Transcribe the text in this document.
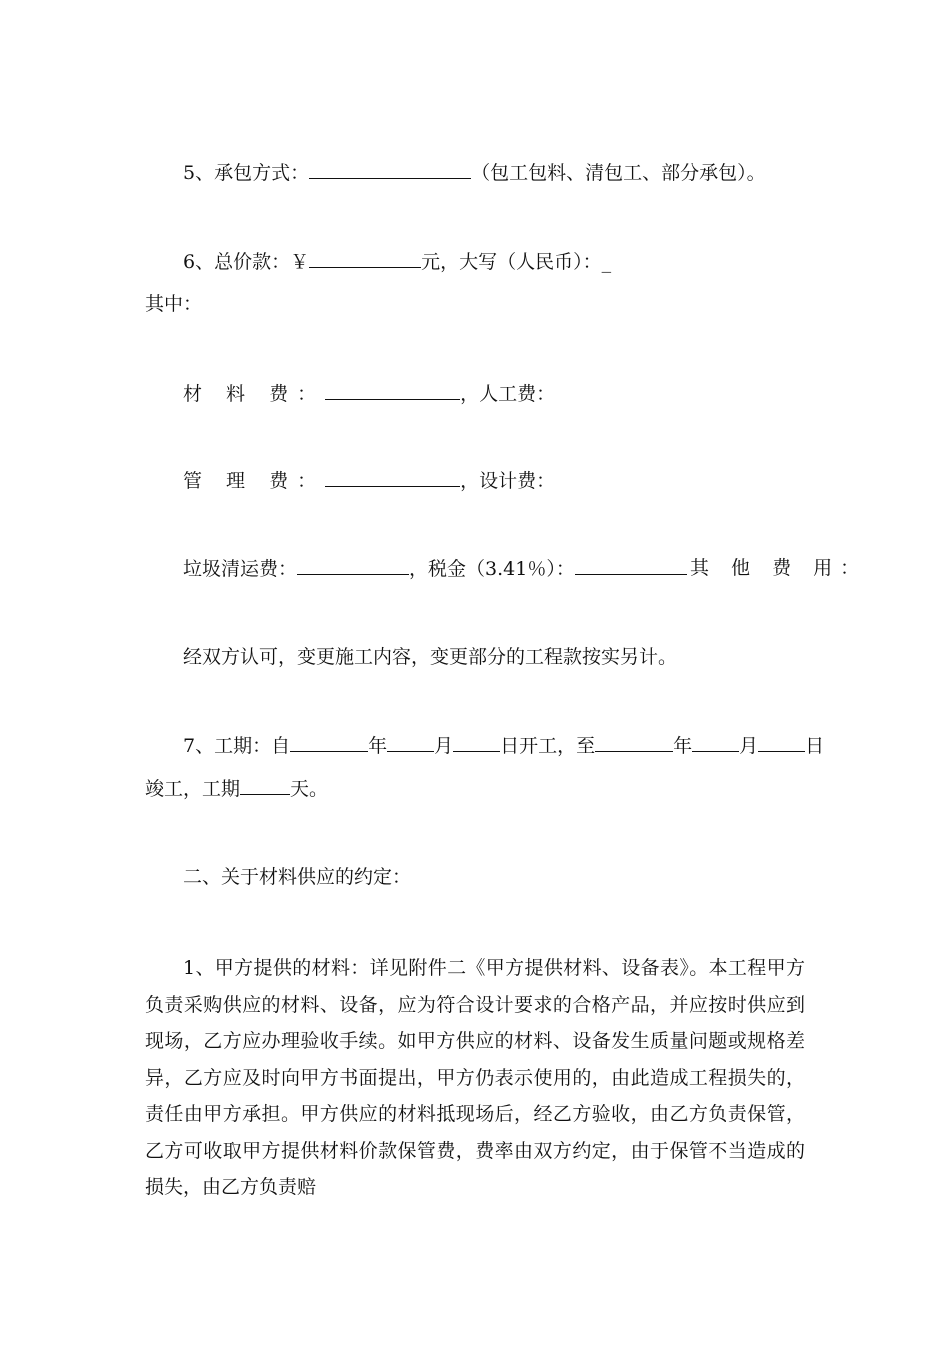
5、承包方式：	（包工包料、清包工、部分承包）。
6、总价款：￥	元，大写（人民币）：_
其中：
材 料 费：	，人工费：
管 理 费：	，设计费：
垃圾清运费：	，税金（3.41％）：	其 他 费 用：
经双方认可，变更施工内容，变更部分的工程款按实另计。
7、工期：自	年 月 日开工，至	年 月 日
竣工，工期	天。
二、关于材料供应的约定：
1、甲方提供的材料：详见附件二《甲方提供材料、设备表》。本工程甲方负责采购供应的材料、设备，应为符合设计要求的合格产品，并应按时供应到现场，乙方应办理验收手续。如甲方供应的材料、设备发生质量问题或规格差异，乙方应及时向甲方书面提出，甲方仍表示使用的，由此造成工程损失的，责任由甲方承担。甲方供应的材料抵现场后，经乙方验收，由乙方负责保管，乙方可收取甲方提供材料价款保管费，费率由双方约定，由于保管不当造成的损失，由乙方负责赔
